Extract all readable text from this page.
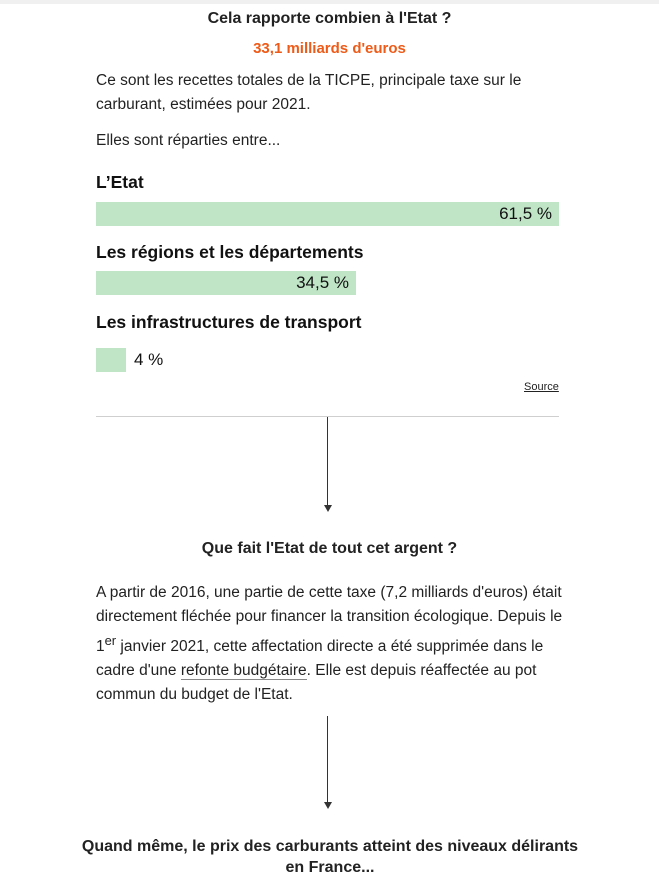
Cela rapporte combien à l'Etat ?
33,1 milliards d'euros
Ce sont les recettes totales de la TICPE, principale taxe sur le carburant, estimées pour 2021.
Elles sont réparties entre...
L’Etat
61,5 %
Les régions et les départements
34,5 %
Les infrastructures de transport
4 %
Source
Que fait l'Etat de tout cet argent ?
A partir de 2016, une partie de cette taxe (7,2 milliards d'euros) était directement fléchée pour financer la transition écologique. Depuis le 1er janvier 2021, cette affectation directe a été supprimée dans le cadre d'une refonte budgétaire. Elle est depuis réaffectée au pot commun du budget de l'Etat.
Quand même, le prix des carburants atteint des niveaux délirants en France...
